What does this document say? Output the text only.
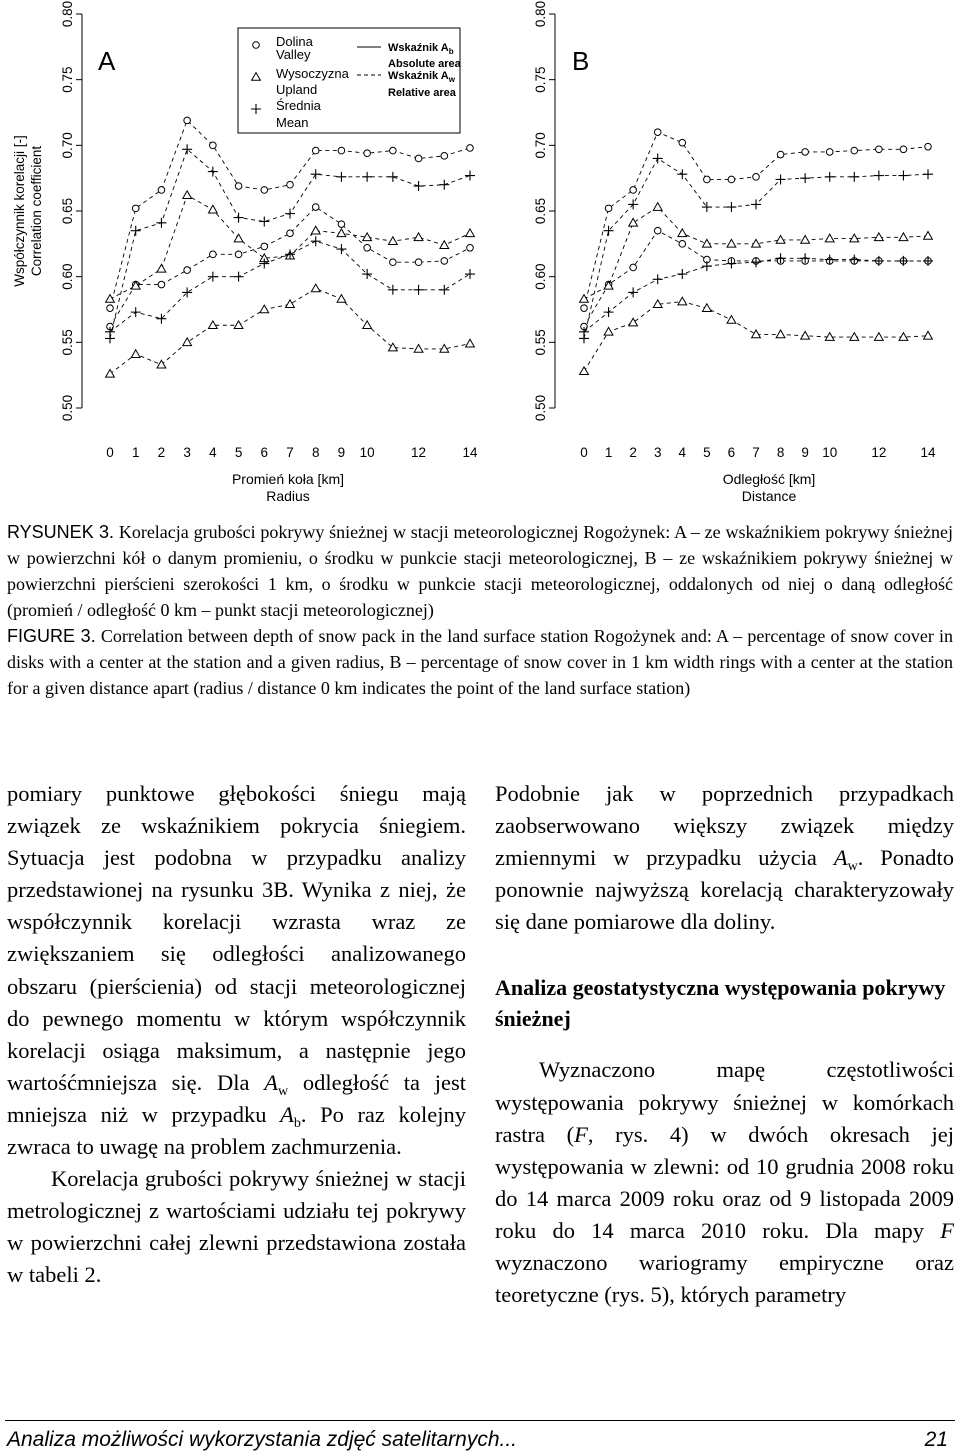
0.50
0.55
0.60
0.65
0.70
0.75
0.80
0 1 2 3 4 5 6 7 8 9 10	12	14
Promień koła [km]
Radius
Współczynnik korelacji [-] Correlation coefficient
A
0.50
0.55
0.60
0.65
0.70
0.75
0.80
0 1 2 3 4 5 6 7 8 9 10	12	14
Odległość [km]
Distance
B
Dolina
Valley
Wysoczyzna
Upland
Średnia
Mean
Wskaźnik $A_b$
Absolute area
Wskaźnik $A_w$
Relative area

RYSUNEK 3. Korelacja grubości pokrywy śnieżnej w stacji meteorologicznej Rogożynek: A – ze wskaźnikiem pokrywy śnieżnej w powierzchni kół o danym promieniu, o środku w punkcie stacji meteorologicznej, B – ze wskaźnikiem pokrywy śnieżnej w powierzchni pierścieni szerokości 1 km, o środku w punkcie stacji meteorologicznej, oddalonych od niej o daną odległość (promień / odległość 0 km – punkt stacji meteorologicznej)

FIGURE 3. Correlation between depth of snow pack in the land surface station Rogożynek and: A – percentage of snow cover in disks with a center at the station and a given radius, B – percentage of snow cover in 1 km width rings with a center at the station for a given distance apart (radius / distance 0 km indicates the point of the land surface station)

pomiary punktowe głębokości śniegu mają związek ze wskaźnikiem pokrycia śniegiem. Sytuacja jest podobna w przypadku analizy przedstawionej na rysunku 3B. Wynika z niej, że współczynnik korelacji wzrasta wraz ze zwiększaniem się odległości analizowanego obszaru (pierścienia) od stacji meteorologicznej do pewnego momentu w którym współczynnik korelacji osiąga maksimum, a następnie jego wartośćmniejsza się. Dla $A_w$ odległość ta jest mniejsza niż w przypadku $A_b$. Po raz kolejny zwraca to uwagę na problem zachmurzenia.

Korelacja grubości pokrywy śnieżnej w stacji metrologicznej z wartościami udziału tej pokrywy w powierzchni całej zlewni przedstawiona została w tabeli 2.

Podobnie jak w poprzednich przypadkach zaobserwowano większy związek między zmiennymi w przypadku użycia $A_w$. Ponadto ponownie najwyższą korelacją charakteryzowały się dane pomiarowe dla doliny.

Analiza geostatystyczna występowania pokrywy śnieżnej

Wyznaczono mapę częstotliwości występowania pokrywy śnieżnej w komórkach rastra (F, rys. 4) w dwóch okresach jej występowania w zlewni: od 10 grudnia 2008 roku do 14 marca 2009 roku oraz od 9 listopada 2009 roku do 14 marca 2010 roku. Dla mapy F wyznaczono wariogramy empiryczne oraz teoretyczne (rys. 5), których parametry

Analiza możliwości wykorzystania zdjęć satelitarnych...	21
